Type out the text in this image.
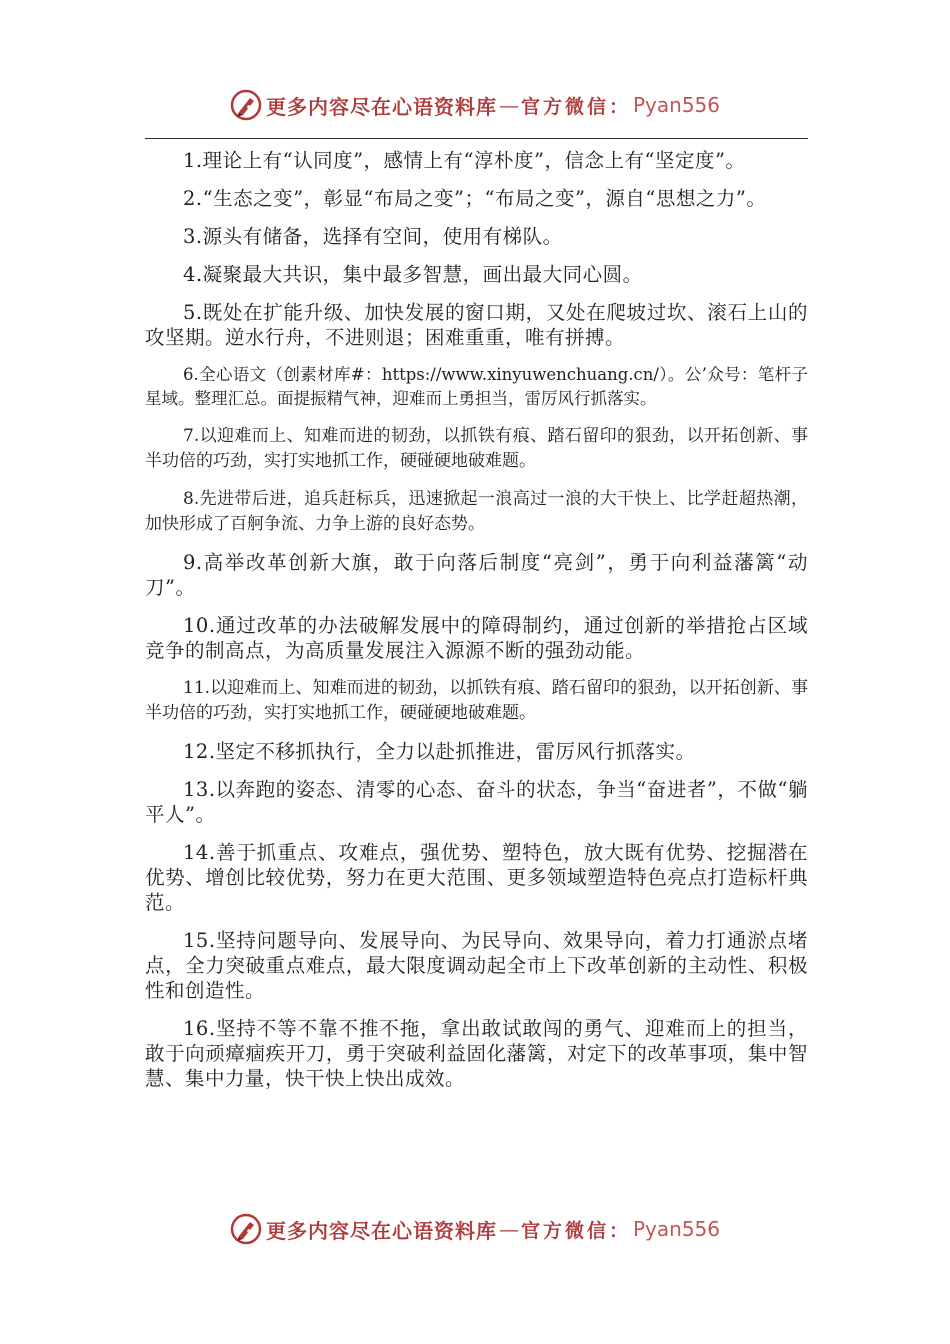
更多内容尽在心语资料库 — 官方微信： Pyan556

1.理论上有“认同度”，感情上有“淳朴度”，信念上有“坚定度”。

2.“生态之变”，彰显“布局之变”；“布局之变”，源自“思想之力”。

3.源头有储备，选择有空间，使用有梯队。

4.凝聚最大共识，集中最多智慧，画出最大同心圆。

5.既处在扩能升级、加快发展的窗口期，又处在爬坡过坎、滚石上山的攻坚期。逆水行舟，不进则退；困难重重，唯有拼搏。

6.全心语文（创素材库#：https://www.xinyuwenchuang.cn/）。公’众号：笔杆子星域。整理汇总。面提振精气神，迎难而上勇担当，雷厉风行抓落实。

7.以迎难而上、知难而进的韧劲，以抓铁有痕、踏石留印的狠劲，以开拓创新、事半功倍的巧劲，实打实地抓工作，硬碰硬地破难题。

8.先进带后进，追兵赶标兵，迅速掀起一浪高过一浪的大干快上、比学赶超热潮，加快形成了百舸争流、力争上游的良好态势。

9.高举改革创新大旗，敢于向落后制度“亮剑”，勇于向利益藩篱“动刀”。

10.通过改革的办法破解发展中的障碍制约，通过创新的举措抢占区域竞争的制高点，为高质量发展注入源源不断的强劲动能。

11.以迎难而上、知难而进的韧劲，以抓铁有痕、踏石留印的狠劲，以开拓创新、事半功倍的巧劲，实打实地抓工作，硬碰硬地破难题。

12.坚定不移抓执行，全力以赴抓推进，雷厉风行抓落实。

13.以奔跑的姿态、清零的心态、奋斗的状态，争当“奋进者”，不做“躺平人”。

14.善于抓重点、攻难点，强优势、塑特色，放大既有优势、挖掘潜在优势、增创比较优势，努力在更大范围、更多领域塑造特色亮点打造标杆典范。

15.坚持问题导向、发展导向、为民导向、效果导向，着力打通淤点堵点，全力突破重点难点，最大限度调动起全市上下改革创新的主动性、积极性和创造性。

16.坚持不等不靠不推不拖，拿出敢试敢闯的勇气、迎难而上的担当，敢于向顽瘴痼疾开刀，勇于突破利益固化藩篱，对定下的改革事项，集中智慧、集中力量，快干快上快出成效。

更多内容尽在心语资料库 — 官方微信： Pyan556
